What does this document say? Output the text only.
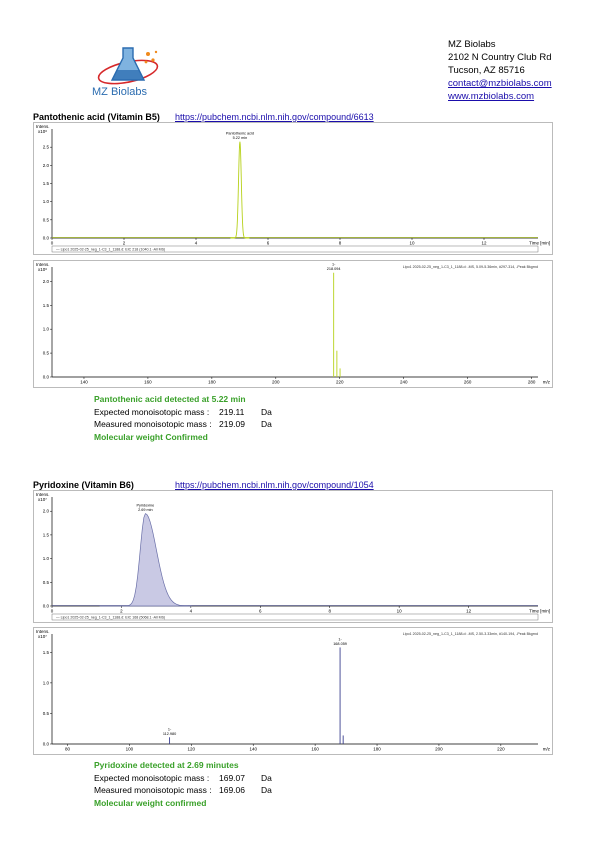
MZ Biolabs
MZ Biolabs
2102 N Country Club Rd
Tucson, AZ 85716
contact@mzbiolabs.com
www.mzbiolabs.com
Pantothenic acid (Vitamin B5) https://pubchem.ncbi.nlm.nih.gov/compound/6613
Intens.
x10⁶
0.0
0.5
1.0
1.5
2.0
2.5
0	2	4	6	8	10	12	Time [min]
— Lipo1 2025-02-25_neg_1-C3_1_1188.d: EIC 218 (1040.1 -All MS)
Pantothenic acid
5.22 min
Intens.
x10⁶
0.0
0.5
1.0
1.5
2.0
140	160	180	200	220	240	260	280 m/z
Lipo1 2025-02-25_neg_1-C3_1_1188.d: -MS, 5.09-5.36min, #297-314, -Peak Bkgrnd
1-
218.094
Pantothenic acid detected at 5.22 min
Expected monoisotopic mass :	219.11	Da
Measured monoisotopic mass : 219.09	Da
Molecular weight Confirmed
Pyridoxine (Vitamin B6)	https://pubchem.ncbi.nlm.nih.gov/compound/1054
Intens.
x10⁷
0.0
0.5
1.0
1.5
2.0
0	2	4	6	8	10	12	Time [min]
— Lipo1 2025-02-25_neg_1-C3_1_1188.d: EIC 168 (5068.1 -All MS)
Pyridoxine
2.69 min
Intens.
x10⁷
0.0
0.5
1.0
1.5
80	100	120	140	160	180	200	220	m/z
Lipo1 2025-02-25_neg_1-C3_1_1188.d: -MS, 2.50-3.33min, #140-194, -Peak Bkgrnd
1-
112.980
1-
168.059
Pyridoxine detected at 2.69 minutes
Expected monoisotopic mass :	169.07	Da
Measured monoisotopic mass : 169.06	Da
Molecular weight confirmed
